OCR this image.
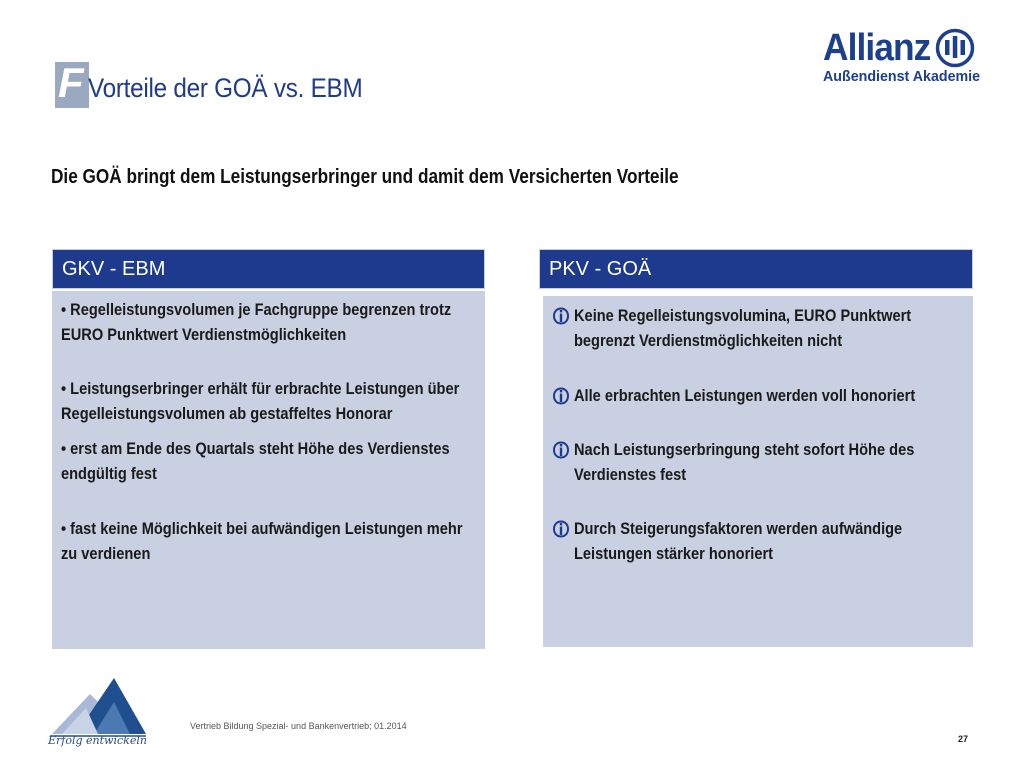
F Vorteile der GOÄ vs. EBM
Allianz
Außendienst Akademie
Die GOÄ bringt dem Leistungserbringer und damit dem Versicherten Vorteile
GKV - EBM
• Regelleistungsvolumen je Fachgruppe begrenzen trotz EURO Punktwert Verdienstmöglichkeiten
• Leistungserbringer erhält für erbrachte Leistungen über Regelleistungsvolumen ab gestaffeltes Honorar
• erst am Ende des Quartals steht Höhe des Verdienstes endgültig fest
• fast keine Möglichkeit bei aufwändigen Leistungen mehr zu verdienen
PKV - GOÄ
Keine Regelleistungsvolumina, EURO Punktwert begrenzt Verdienstmöglichkeiten nicht
Alle erbrachten Leistungen werden voll honoriert
Nach Leistungserbringung steht sofort Höhe des Verdienstes fest
Durch Steigerungsfaktoren werden aufwändige Leistungen stärker honoriert
Erfolg entwickeln
Vertrieb Bildung Spezial- und Bankenvertrieb; 01.2014
27
